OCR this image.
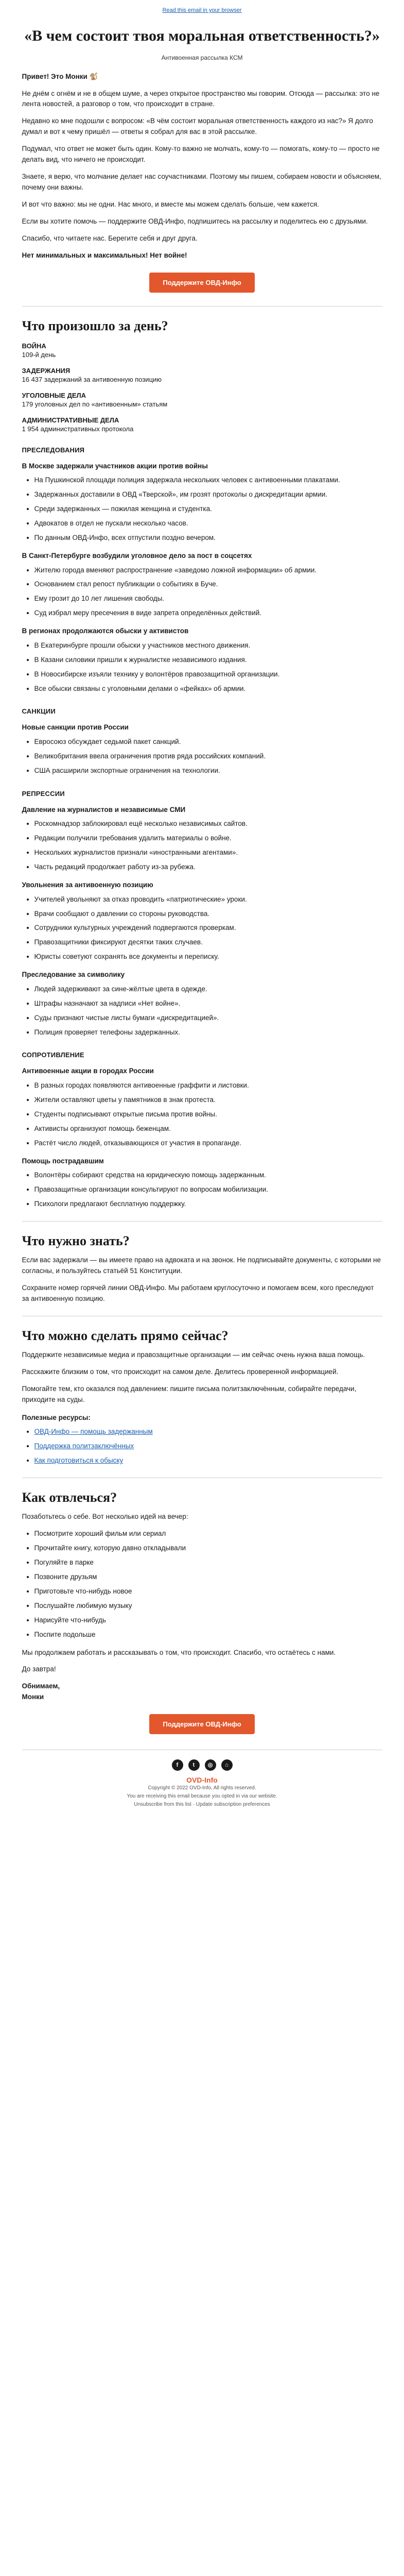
Read this email in your browser
«В чем состоит твоя моральная ответственность?»
Антивоенная рассылка КСМ

Привет! Это Монки 🐒

Не днём с огнём и не в общем шуме, а через открытое пространство мы говорим. Отсюда — рассылка: это не лента новостей, а разговор о том, что происходит в стране.

Недавно ко мне подошли с вопросом: «В чём состоит моральная ответственность каждого из нас?» Я долго думал и вот к чему пришёл — ответы я собрал для вас в этой рассылке.

Подумал, что ответ не может быть один. Кому-то важно не молчать, кому-то — помогать, кому-то — просто не делать вид, что ничего не происходит.

Знаете, я верю, что молчание делает нас соучастниками. Поэтому мы пишем, собираем новости и объясняем, почему они важны.

И вот что важно: мы не одни. Нас много, и вместе мы можем сделать больше, чем кажется.

Если вы хотите помочь — поддержите ОВД-Инфо, подпишитесь на рассылку и поделитесь ею с друзьями.

Спасибо, что читаете нас. Берегите себя и друг друга.

Нет минимальных и максимальных! Нет войне!

Поддержите ОВД-Инфо
Что произошло за день?
ВОЙНА
109-й день
ЗАДЕРЖАНИЯ
16 437 задержаний за антивоенную позицию
УГОЛОВНЫЕ ДЕЛА
179 уголовных дел по «антивоенным» статьям
АДМИНИСТРАТИВНЫЕ ДЕЛА
1 954 административных протокола
ПРЕСЛЕДОВАНИЯ
В Москве задержали участников акции против войны
• На Пушкинской площади полиция задержала нескольких человек с антивоенными плакатами.
• Задержанных доставили в ОВД «Тверской», им грозят протоколы о дискредитации армии.
• Среди задержанных — пожилая женщина и студентка.
• Адвокатов в отдел не пускали несколько часов.
• По данным ОВД-Инфо, всех отпустили поздно вечером.
В Санкт-Петербурге возбудили уголовное дело за пост в соцсетях
• Жителю города вменяют распространение «заведомо ложной информации» об армии.
• Основанием стал репост публикации о событиях в Буче.
• Ему грозит до 10 лет лишения свободы.
• Суд избрал меру пресечения в виде запрета определённых действий.
В регионах продолжаются обыски у активистов
• В Екатеринбурге прошли обыски у участников местного движения.
• В Казани силовики пришли к журналистке независимого издания.
• В Новосибирске изъяли технику у волонтёров правозащитной организации.
• Все обыски связаны с уголовными делами о «фейках» об армии.
САНКЦИИ
Новые санкции против России
• Евросоюз обсуждает седьмой пакет санкций.
• Великобритания ввела ограничения против ряда российских компаний.
• США расширили экспортные ограничения на технологии.
РЕПРЕССИИ
Давление на журналистов и независимые СМИ
• Роскомнадзор заблокировал ещё несколько независимых сайтов.
• Редакции получили требования удалить материалы о войне.
• Нескольких журналистов признали «иностранными агентами».
• Часть редакций продолжает работу из-за рубежа.
Увольнения за антивоенную позицию
• Учителей увольняют за отказ проводить «патриотические» уроки.
• Врачи сообщают о давлении со стороны руководства.
• Сотрудники культурных учреждений подвергаются проверкам.
• Правозащитники фиксируют десятки таких случаев.
• Юристы советуют сохранять все документы и переписку.
Преследование за символику
• Людей задерживают за сине-жёлтые цвета в одежде.
• Штрафы назначают за надписи «Нет войне».
• Суды признают чистые листы бумаги «дискредитацией».
• Полиция проверяет телефоны задержанных.
СОПРОТИВЛЕНИЕ
Антивоенные акции в городах России
• В разных городах появляются антивоенные граффити и листовки.
• Жители оставляют цветы у памятников в знак протеста.
• Студенты подписывают открытые письма против войны.
• Активисты организуют помощь беженцам.
• Растёт число людей, отказывающихся от участия в пропаганде.
Помощь пострадавшим
• Волонтёры собирают средства на юридическую помощь задержанным.
• Правозащитные организации консультируют по вопросам мобилизации.
• Психологи предлагают бесплатную поддержку.
Что нужно знать?

Если вас задержали — вы имеете право на адвоката и на звонок. Не подписывайте документы, с которыми не согласны, и пользуйтесь статьёй 51 Конституции.

Сохраните номер горячей линии ОВД-Инфо. Мы работаем круглосуточно и помогаем всем, кого преследуют за антивоенную позицию.

Что можно сделать прямо сейчас?

Поддержите независимые медиа и правозащитные организации — им сейчас очень нужна ваша помощь.

Расскажите близким о том, что происходит на самом деле. Делитесь проверенной информацией.

Помогайте тем, кто оказался под давлением: пишите письма политзаключённым, собирайте передачи, приходите на суды.

Полезные ресурсы:
• ОВД-Инфо — помощь задержанным
• Поддержка политзаключённых
• Как подготовиться к обыску
Как отвлечься?

Позаботьтесь о себе. Вот несколько идей на вечер:

• Посмотрите хороший фильм или сериал
• Прочитайте книгу, которую давно откладывали
• Погуляйте в парке
• Позвоните друзьям
• Приготовьте что-нибудь новое
• Послушайте любимую музыку
• Нарисуйте что-нибудь
• Поспите подольше

Мы продолжаем работать и рассказывать о том, что происходит. Спасибо, что остаётесь с нами.

До завтра!

Обнимаем,
Монки

Поддержите ОВД-Инфо
f	t	◎	⌂
OVD-Info
Copyright © 2022 OVD-Info, All rights reserved.
You are receiving this email because you opted in via our website.
Unsubscribe from this list · Update subscription preferences
